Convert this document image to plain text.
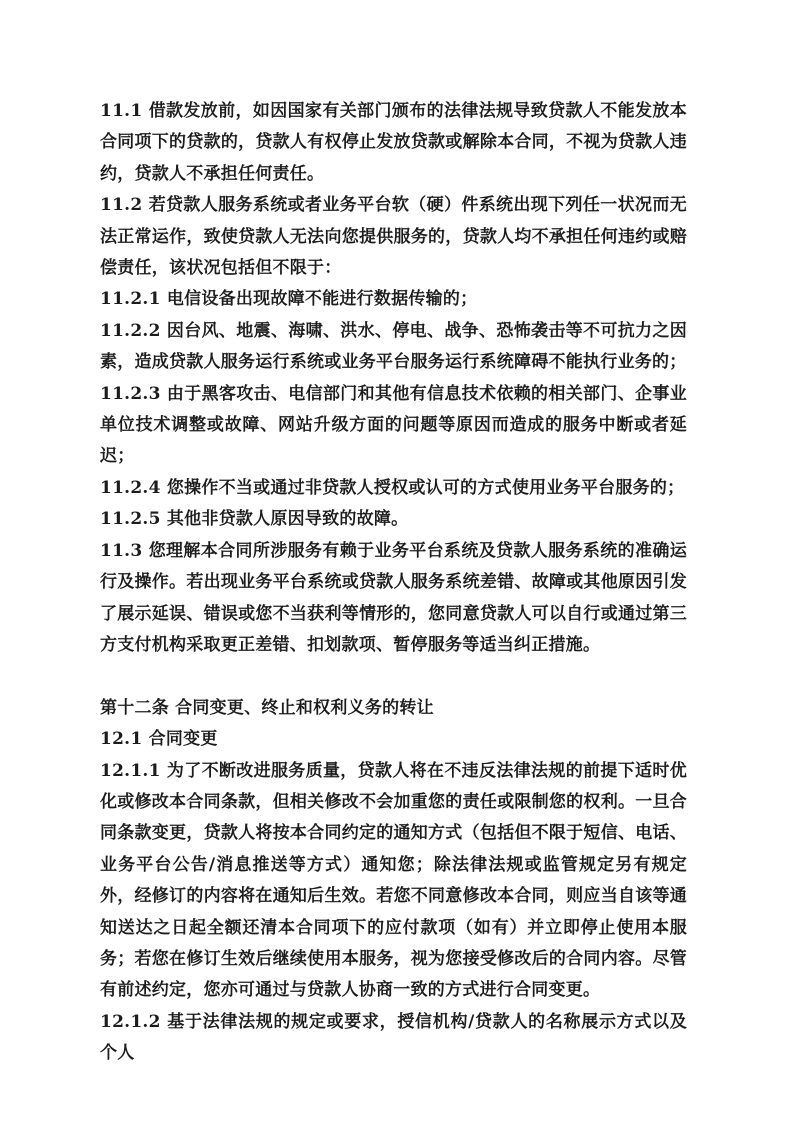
11.1 借款发放前，如因国家有关部门颁布的法律法规导致贷款人不能发放本合同项下的贷款的，贷款人有权停止发放贷款或解除本合同，不视为贷款人违约，贷款人不承担任何责任。

11.2 若贷款人服务系统或者业务平台软（硬）件系统出现下列任一状况而无法正常运作，致使贷款人无法向您提供服务的，贷款人均不承担任何违约或赔偿责任，该状况包括但不限于：

11.2.1 电信设备出现故障不能进行数据传输的；

11.2.2 因台风、地震、海啸、洪水、停电、战争、恐怖袭击等不可抗力之因素，造成贷款人服务运行系统或业务平台服务运行系统障碍不能执行业务的；

11.2.3 由于黑客攻击、电信部门和其他有信息技术依赖的相关部门、企事业单位技术调整或故障、网站升级方面的问题等原因而造成的服务中断或者延迟；

11.2.4 您操作不当或通过非贷款人授权或认可的方式使用业务平台服务的；

11.2.5 其他非贷款人原因导致的故障。

11.3 您理解本合同所涉服务有赖于业务平台系统及贷款人服务系统的准确运行及操作。若出现业务平台系统或贷款人服务系统差错、故障或其他原因引发了展示延误、错误或您不当获利等情形的，您同意贷款人可以自行或通过第三方支付机构采取更正差错、扣划款项、暂停服务等适当纠正措施。

第十二条 合同变更、终止和权利义务的转让

12.1 合同变更

12.1.1 为了不断改进服务质量，贷款人将在不违反法律法规的前提下适时优化或修改本合同条款，但相关修改不会加重您的责任或限制您的权利。一旦合同条款变更，贷款人将按本合同约定的通知方式（包括但不限于短信、电话、业务平台公告/消息推送等方式）通知您；除法律法规或监管规定另有规定外，经修订的内容将在通知后生效。若您不同意修改本合同，则应当自该等通知送达之日起全额还清本合同项下的应付款项（如有）并立即停止使用本服务；若您在修订生效后继续使用本服务，视为您接受修改后的合同内容。尽管有前述约定，您亦可通过与贷款人协商一致的方式进行合同变更。

12.1.2 基于法律法规的规定或要求，授信机构/贷款人的名称展示方式以及个人
